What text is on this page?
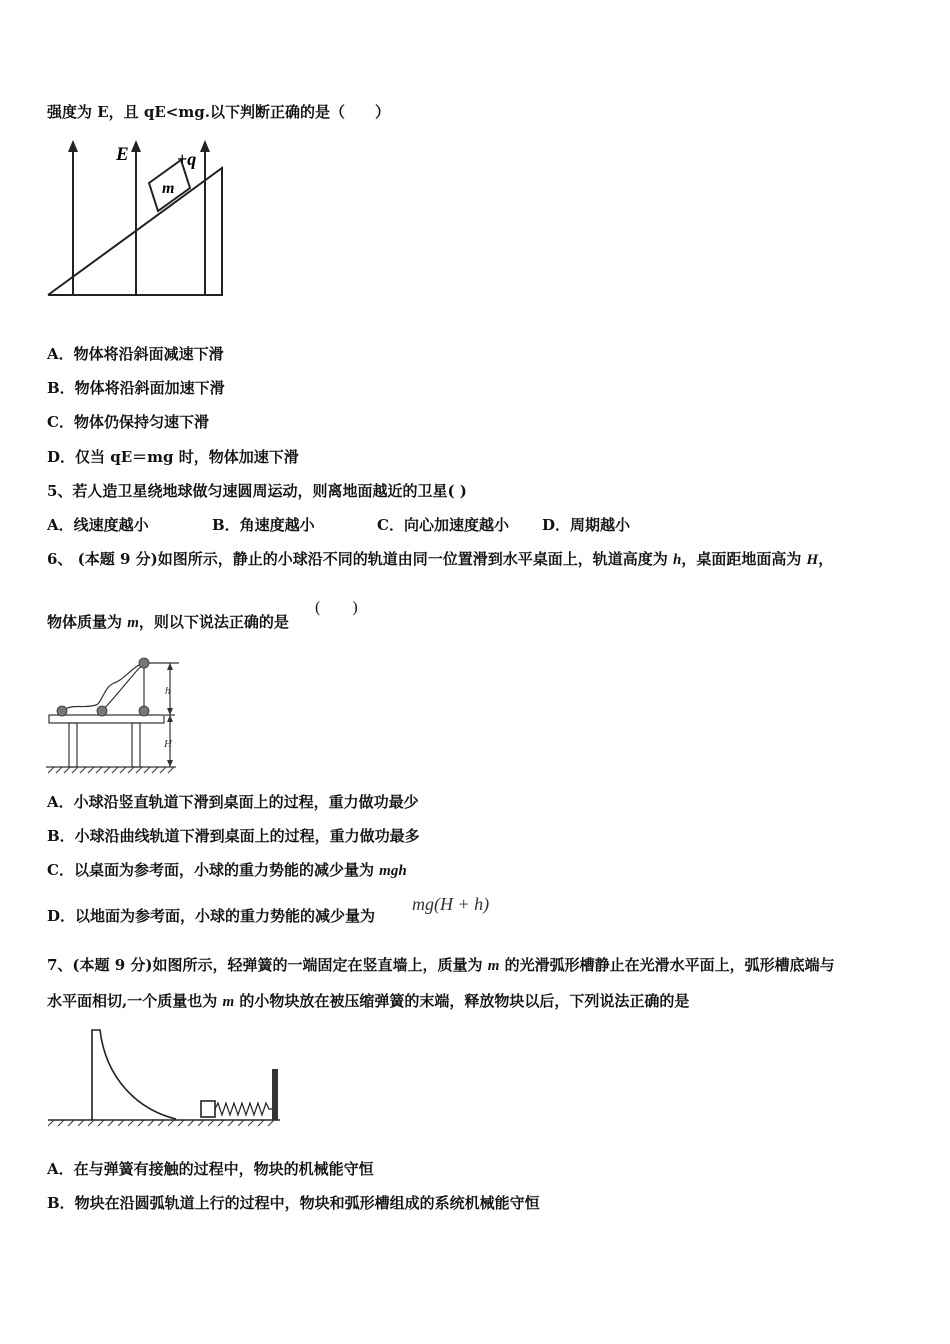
强度为 E，且 qE<mg.以下判断正确的是（　　）
E	+q
m
A．物体将沿斜面减速下滑
B．物体将沿斜面加速下滑
C．物体仍保持匀速下滑
D．仅当 qE＝mg 时，物体加速下滑
5、若人造卫星绕地球做匀速圆周运动，则离地面越近的卫星( )
A．线速度越小	B．角速度越小	C．向心加速度越小 D．周期越小
6、 (本题 9 分)如图所示，静止的小球沿不同的轨道由同一位置滑到水平桌面上，轨道高度为 h，桌面距地面高为 H，
物体质量为 m，则以下说法正确的是
(　　)
h
H
A．小球沿竖直轨道下滑到桌面上的过程，重力做功最少
B．小球沿曲线轨道下滑到桌面上的过程，重力做功最多
C．以桌面为参考面，小球的重力势能的减少量为 mgh
D．以地面为参考面，小球的重力势能的减少量为
mg(H + h)
7、(本题 9 分)如图所示，轻弹簧的一端固定在竖直墙上，质量为 m 的光滑弧形槽静止在光滑水平面上，弧形槽底端与
水平面相切,一个质量也为 m 的小物块放在被压缩弹簧的末端，释放物块以后，下列说法正确的是
A．在与弹簧有接触的过程中，物块的机械能守恒
B．物块在沿圆弧轨道上行的过程中，物块和弧形槽组成的系统机械能守恒
